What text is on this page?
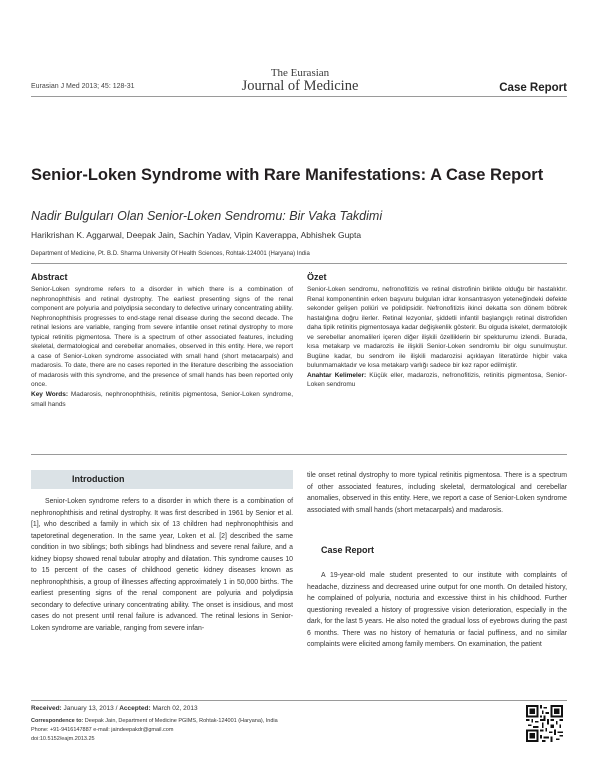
The Eurasian
Journal of Medicine
Eurasian J Med 2013; 45: 128-31	Case Report
Senior-Loken Syndrome with Rare Manifestations: A Case Report
Nadir Bulguları Olan Senior-Loken Sendromu: Bir Vaka Takdimi
Harikrishan K. Aggarwal, Deepak Jain, Sachin Yadav, Vipin Kaverappa, Abhishek Gupta
Department of Medicine, Pt. B.D. Sharma University Of Health Sciences, Rohtak-124001 (Haryana) India
Abstract
Senior-Loken syndrome refers to a disorder in which there is a combination of nephronophthisis and retinal dystrophy. The earliest presenting signs of the renal component are polyuria and polydipsia secondary to defective urinary concentrating ability. Nephronophthisis progresses to end-stage renal disease during the second decade. The retinal lesions are variable, ranging from severe infantile onset retinal dystrophy to more typical retinitis pigmentosa. There is a spectrum of other associated features, including skeletal, dermatological and cerebellar anomalies, observed in this entity. Here, we report a case of Senior-Loken syndrome associated with small hand (short metacarpals) and madarosis. To date, there are no cases reported in the literature describing the association of madarosis with this syndrome, and the presence of small hands has been reported only once.
Key Words: Madarosis, nephronophthisis, retinitis pigmentosa, Senior-Loken syndrome, small hands
Özet
Senior-Loken sendromu, nefronofitizis ve retinal distrofinin birlikte olduğu bir hastalıktır. Renal komponentinin erken başvuru bulguları idrar konsantrasyon yeteneğindeki defekte sekonder gelişen poliüri ve polidipsidir. Nefronofitizis ikinci dekatta son dönem böbrek hastalığına doğru ilerler. Retinal lezyonlar, şiddetli infantil başlangıçlı retinal distrofiden daha tipik retinitis pigmentosaya kadar değişkenlik gösterir. Bu olguda iskelet, dermatolojik ve serebellar anomalileri içeren diğer ilişkili özelliklerin bir spekturumu izlendi. Burada, kısa metakarp ve madarozis ile ilişkili Senior-Loken sendromlu bir olgu sunulmuştur. Bugüne kadar, bu sendrom ile ilişkili madarozisi açıklayan literatürde hiçbir vaka bulunmamaktadır ve kısa metakarp varlığı sadece bir kez rapor edilmiştir.
Anahtar Kelimeler: Küçük eller, madarozis, nefronofitizis, retinitis pigmentosa, Senior-Loken sendromu
Introduction
Senior-Loken syndrome refers to a disorder in which there is a combination of nephronophthisis and retinal dystrophy. It was first described in 1961 by Senior et al. [1], who described a family in which six of 13 children had nephronophthisis and tapetoretinal degeneration. In the same year, Loken et al. [2] described the same condition in two siblings; both siblings had blindness and severe renal failure, and a kidney biopsy showed renal tubular atrophy and dilatation. This syndrome causes 10 to 15 percent of the cases of childhood genetic kidney diseases known as nephronophthisis, a group of illnesses affecting approximately 1 in 50,000 births. The earliest presenting signs of the renal component are polyuria and polydipsia secondary to defective urinary concentrating ability. The onset is insidious, and most cases do not present until renal failure is advanced. The retinal lesions in Senior-Loken syndrome are variable, ranging from severe infan-
tile onset retinal dystrophy to more typical retinitis pigmentosa. There is a spectrum of other associated features, including skeletal, dermatological and cerebellar anomalies, observed in this entity. Here, we report a case of Senior-Loken syndrome associated with small hands (short metacarpals) and madarosis.
Case Report
A 19-year-old male student presented to our institute with complaints of headache, dizziness and decreased urine output for one month. On detailed history, he complained of polyuria, nocturia and excessive thirst in his childhood. Further questioning revealed a history of progressive vision deterioration, especially in the dark, for the last 5 years. He also noted the gradual loss of eyebrows during the past 6 months. There was no history of hematuria or facial puffiness, and no similar complaints were elicited among family members. On examination, the patient
Received: January 13, 2013 / Accepted: March 02, 2013
Correspondence to: Deepak Jain, Department of Medicine PGIMS, Rohtak-124001 (Haryana), India
Phone: +91-9416147887 e-mail: jaindeepakdr@gmail.com
doi:10.5152/eajm.2013.25
